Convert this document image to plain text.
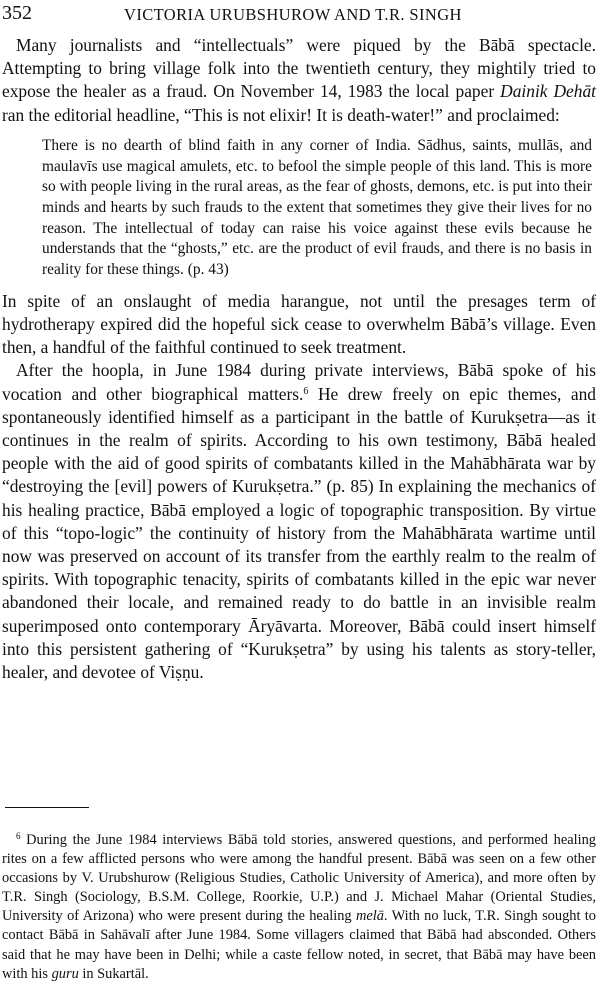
352	VICTORIA URUBSHUROW AND T.R. SINGH

Many journalists and “intellectuals” were piqued by the Bābā spectacle. Attempting to bring village folk into the twentieth century, they mightily tried to expose the healer as a fraud. On November 14, 1983 the local paper Dainik Dehāt ran the editorial headline, “This is not elixir! It is death-water!” and proclaimed:

There is no dearth of blind faith in any corner of India. Sādhus, saints, mullās, and maulavīs use magical amulets, etc. to befool the simple people of this land. This is more so with people living in the rural areas, as the fear of ghosts, demons, etc. is put into their minds and hearts by such frauds to the extent that sometimes they give their lives for no reason. The intellectual of today can raise his voice against these evils because he understands that the “ghosts,” etc. are the product of evil frauds, and there is no basis in reality for these things. (p. 43)

In spite of an onslaught of media harangue, not until the presages term of hydrotherapy expired did the hopeful sick cease to overwhelm Bābā’s village. Even then, a handful of the faithful continued to seek treatment.

After the hoopla, in June 1984 during private interviews, Bābā spoke of his vocation and other biographical matters.$^6$ He drew freely on epic themes, and spontaneously identified himself as a participant in the battle of Kurukṣetra—as it continues in the realm of spirits. According to his own testimony, Bābā healed people with the aid of good spirits of combatants killed in the Mahābhārata war by “destroying the [evil] powers of Kurukṣetra.” (p. 85) In explaining the mechanics of his healing practice, Bābā employed a logic of topographic transposition. By virtue of this “topo-logic” the continuity of history from the Mahābhārata wartime until now was preserved on account of its transfer from the earthly realm to the realm of spirits. With topographic tenacity, spirits of combatants killed in the epic war never abandoned their locale, and remained ready to do battle in an invisible realm superimposed onto contemporary Āryāvarta. Moreover, Bābā could insert himself into this persistent gathering of “Kurukṣetra” by using his talents as story-teller, healer, and devotee of Viṣṇu.

$^6$ During the June 1984 interviews Bābā told stories, answered questions, and performed healing rites on a few afflicted persons who were among the handful present. Bābā was seen on a few other occasions by V. Urubshurow (Religious Studies, Catholic University of America), and more often by T.R. Singh (Sociology, B.S.M. College, Roorkie, U.P.) and J. Michael Mahar (Oriental Studies, University of Arizona) who were present during the healing melā. With no luck, T.R. Singh sought to contact Bābā in Sahāvalī after June 1984. Some villagers claimed that Bābā had absconded. Others said that he may have been in Delhi; while a caste fellow noted, in secret, that Bābā may have been with his guru in Sukartāl.
